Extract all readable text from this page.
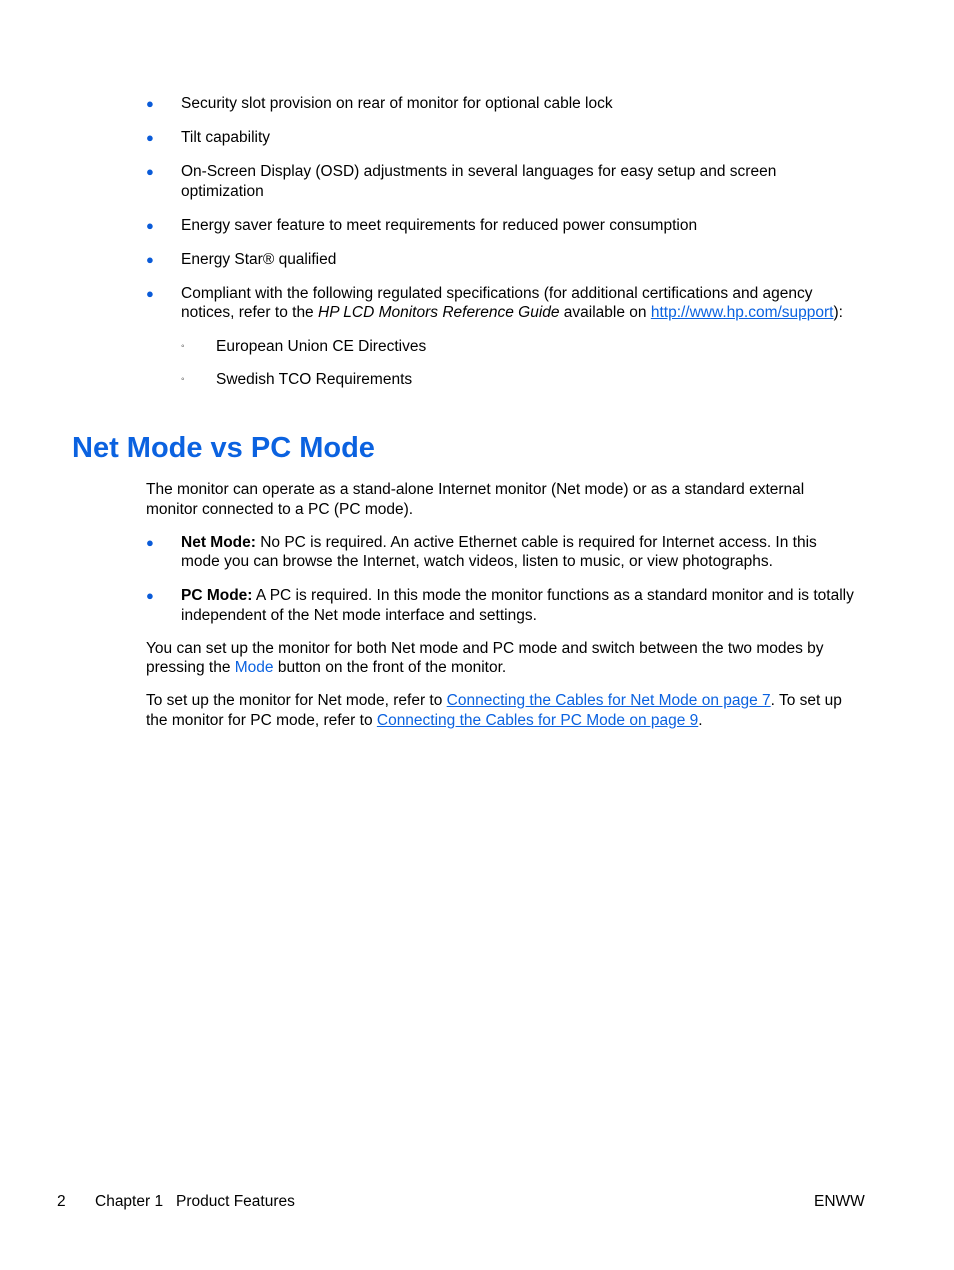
● Security slot provision on rear of monitor for optional cable lock
● Tilt capability
● On-Screen Display (OSD) adjustments in several languages for easy setup and screen optimization
● Energy saver feature to meet requirements for reduced power consumption
● Energy Star® qualified
● Compliant with the following regulated specifications (for additional certifications and agency notices, refer to the HP LCD Monitors Reference Guide available on http://www.hp.com/support):
◦ European Union CE Directives
◦ Swedish TCO Requirements
Net Mode vs PC Mode

The monitor can operate as a stand-alone Internet monitor (Net mode) or as a standard external monitor connected to a PC (PC mode).

● Net Mode: No PC is required. An active Ethernet cable is required for Internet access. In this mode you can browse the Internet, watch videos, listen to music, or view photographs.
● PC Mode: A PC is required. In this mode the monitor functions as a standard monitor and is totally independent of the Net mode interface and settings.

You can set up the monitor for both Net mode and PC mode and switch between the two modes by pressing the Mode button on the front of the monitor.

To set up the monitor for Net mode, refer to Connecting the Cables for Net Mode on page 7. To set up the monitor for PC mode, refer to Connecting the Cables for PC Mode on page 9.

2 Chapter 1   Product Features	ENWW
